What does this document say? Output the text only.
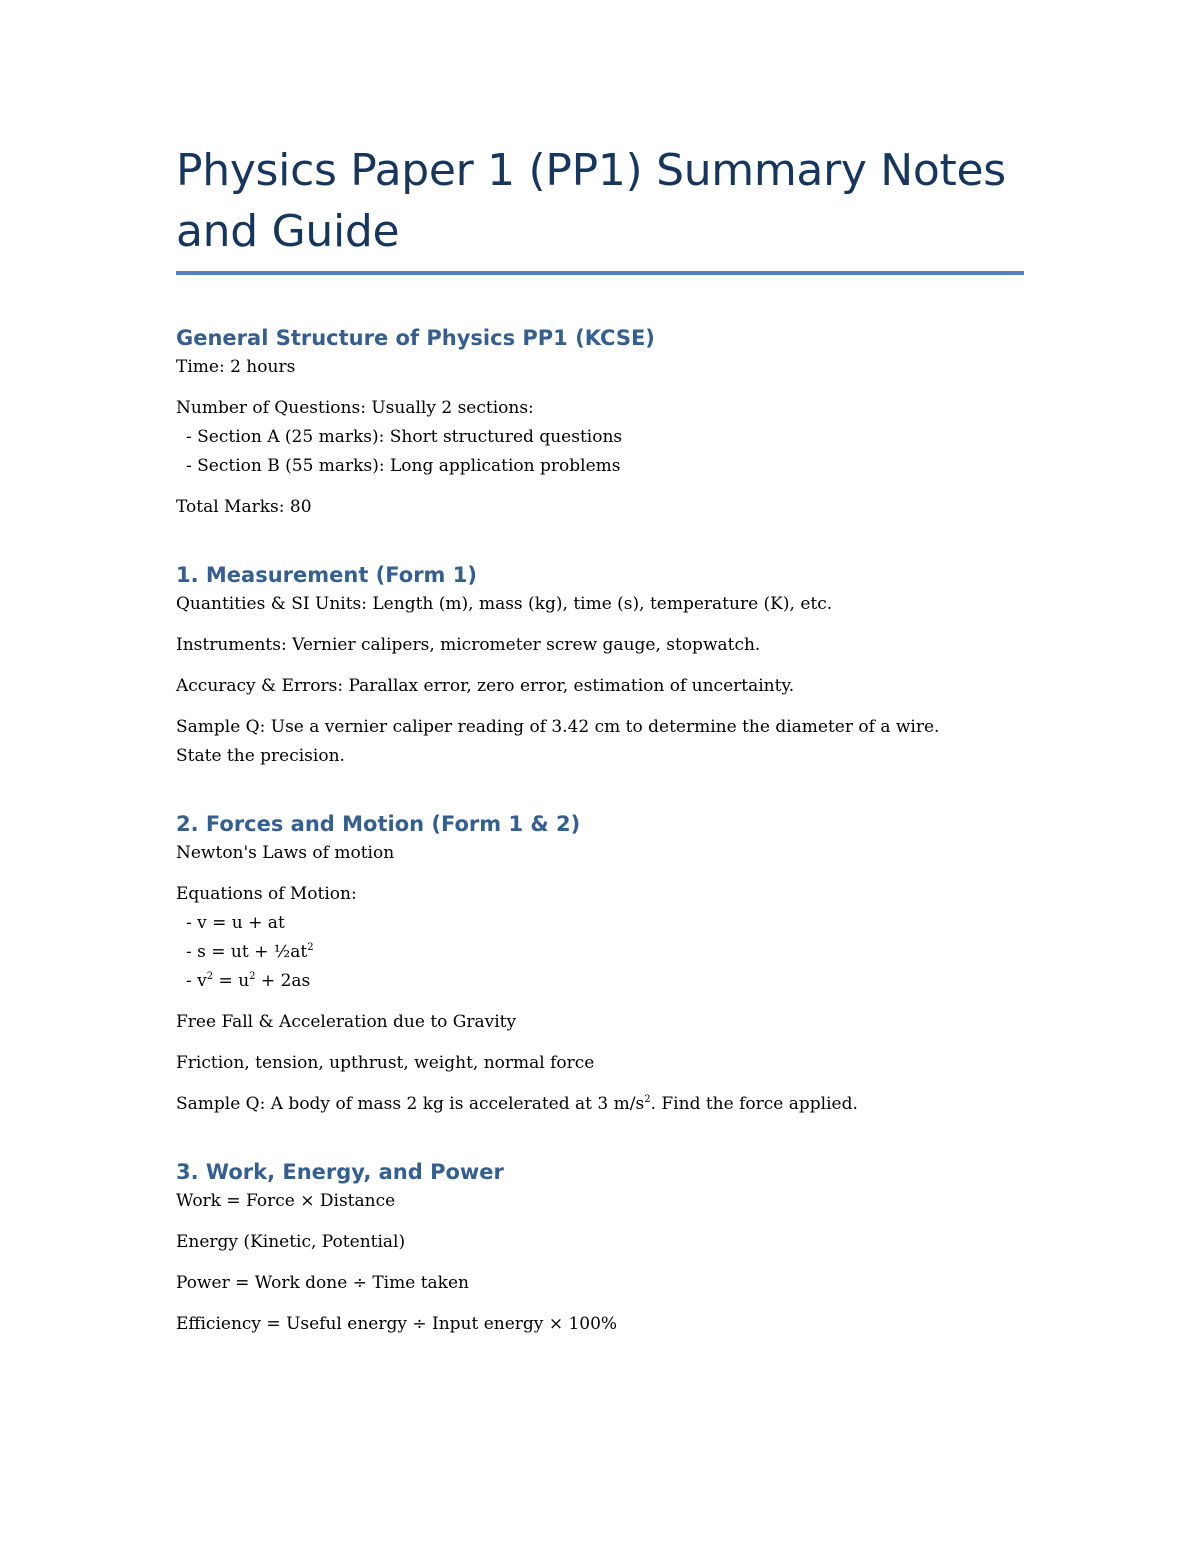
Physics Paper 1 (PP1) Summary Notes
and Guide
General Structure of Physics PP1 (KCSE)

Time: 2 hours

Number of Questions: Usually 2 sections:

- Section A (25 marks): Short structured questions
- Section B (55 marks): Long application problems

Total Marks: 80

1. Measurement (Form 1)

Quantities & SI Units: Length (m), mass (kg), time (s), temperature (K), etc.

Instruments: Vernier calipers, micrometer screw gauge, stopwatch.

Accuracy & Errors: Parallax error, zero error, estimation of uncertainty.

Sample Q: Use a vernier caliper reading of 3.42 cm to determine the diameter of a wire.

State the precision.

2. Forces and Motion (Form 1 & 2)

Newton's Laws of motion

Equations of Motion:

- v = u + at
- s = ut + $\frac{1}{2}at^2$
- $v^2 = u^2 + 2as$

Free Fall & Acceleration due to Gravity

Friction, tension, upthrust, weight, normal force

Sample Q: A body of mass 2 kg is accelerated at 3 $m/s^2$. Find the force applied.

3. Work, Energy, and Power

Work = Force × Distance

Energy (Kinetic, Potential)

Power = Work done ÷ Time taken

Efficiency = Useful energy ÷ Input energy × 100%
